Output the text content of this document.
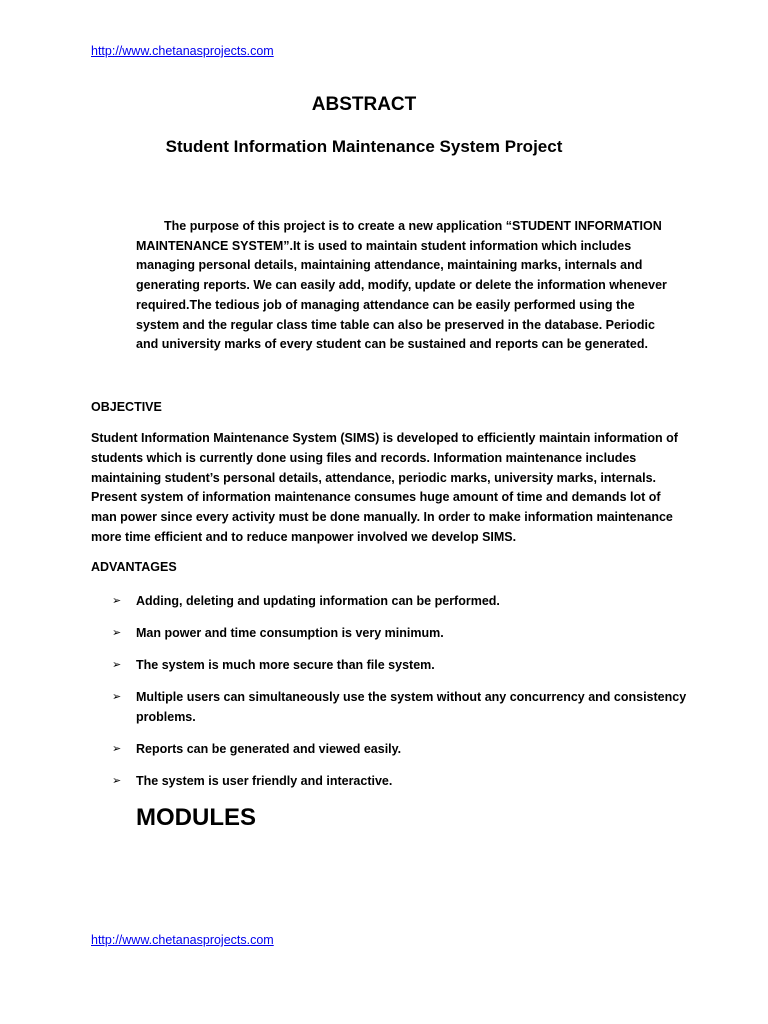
http://www.chetanasprojects.com
ABSTRACT
Student Information Maintenance System Project

The purpose of this project is to create a new application “STUDENT INFORMATION MAINTENANCE SYSTEM”.It is used to maintain student information which includes managing personal details, maintaining attendance, maintaining marks, internals and generating reports. We can easily add, modify, update or delete the information whenever required.The tedious job of managing attendance can be easily performed using the system and the regular class time table can also be preserved in the database. Periodic and university marks of every student can be sustained and reports can be generated.

OBJECTIVE

Student Information Maintenance System (SIMS) is developed to efficiently maintain information of students which is currently done using files and records. Information maintenance includes maintaining student’s personal details, attendance, periodic marks, university marks, internals. Present system of information maintenance consumes huge amount of time and demands lot of man power since every activity must be done manually. In order to make information maintenance more time efficient and to reduce manpower involved we develop SIMS.

ADVANTAGES
➢ Adding, deleting and updating information can be performed.
➢ Man power and time consumption is very minimum.
➢ The system is much more secure than file system.
➢ Multiple users can simultaneously use the system without any concurrency and consistency problems.
➢ Reports can be generated and viewed easily.
➢ The system is user friendly and interactive.
MODULES
http://www.chetanasprojects.com
